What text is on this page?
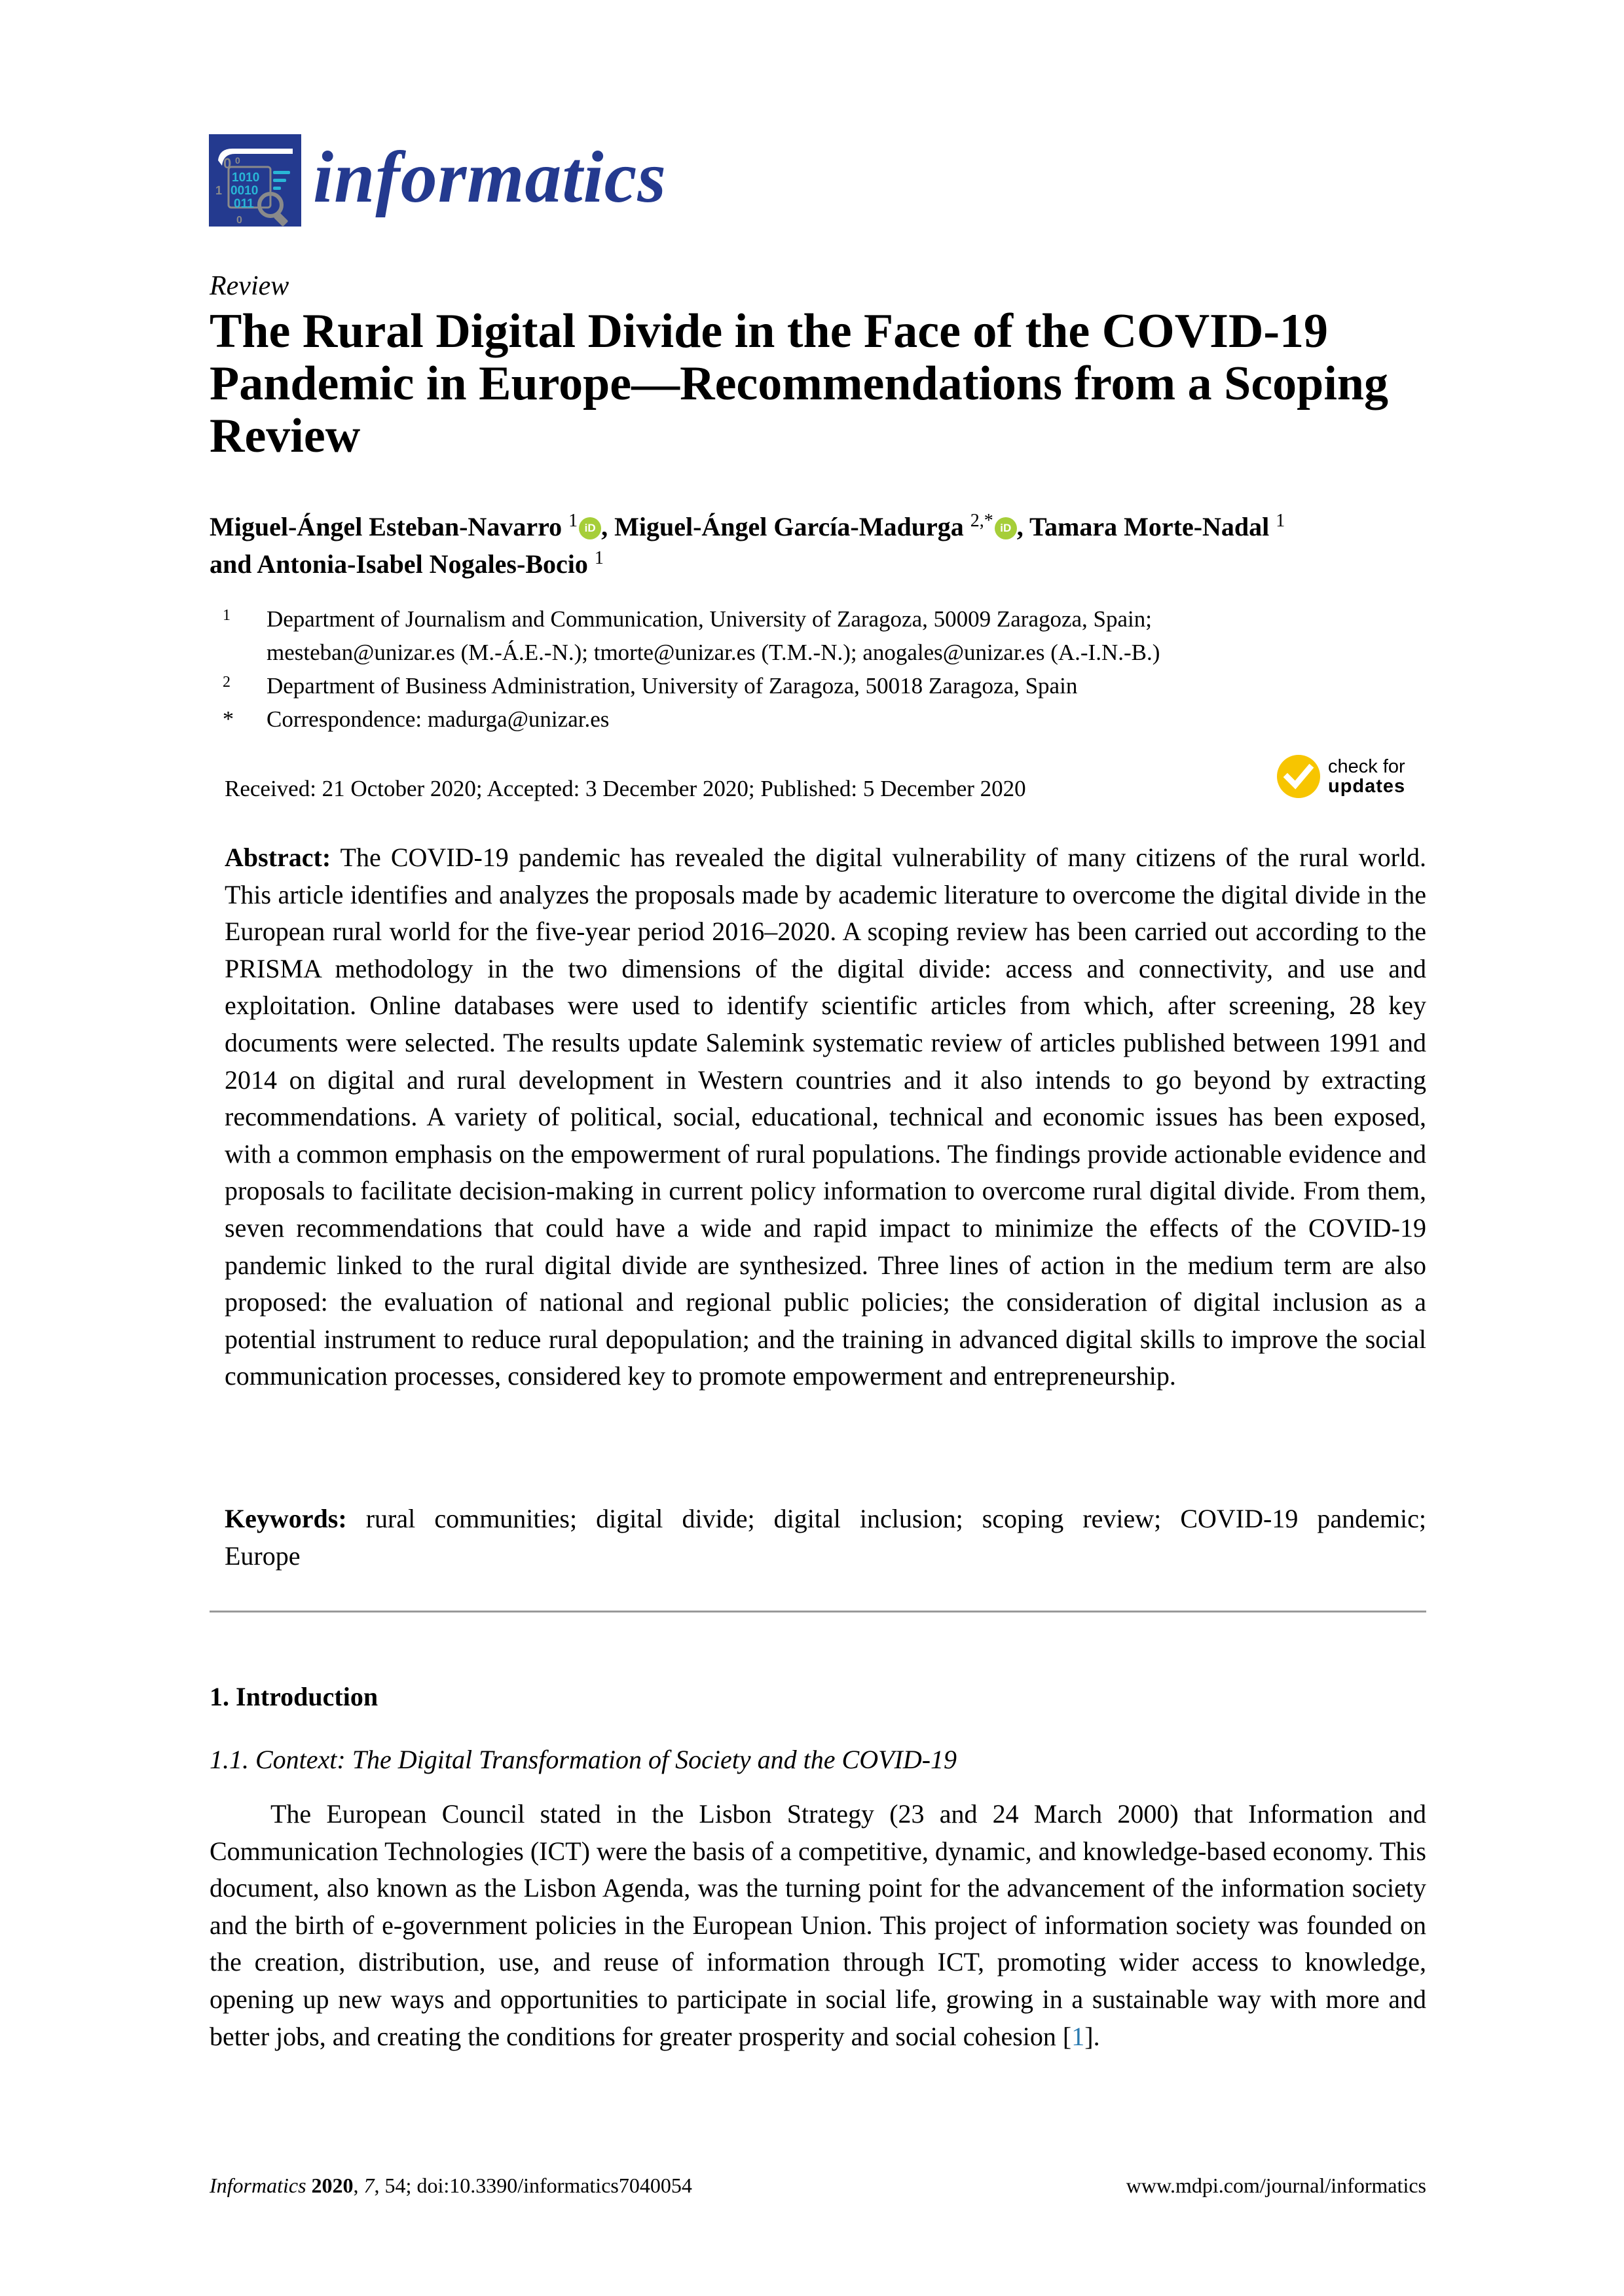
0 0
1010
0010
011
1
0
informatics
Review
The Rural Digital Divide in the Face of the COVID-19 Pandemic in Europe—Recommendations from a Scoping Review
Miguel-Ángel Esteban-Navarro $^1$ iD , Miguel-Ángel García-Madurga $^{2,*}$ iD , Tamara Morte-Nadal $^1$
and Antonia-Isabel Nogales-Bocio $^1$
1	Department of Journalism and Communication, University of Zaragoza, 50009 Zaragoza, Spain;
mesteban@unizar.es (M.-Á.E.-N.); tmorte@unizar.es (T.M.-N.); anogales@unizar.es (A.-I.N.-B.)
2	Department of Business Administration, University of Zaragoza, 50018 Zaragoza, Spain
*	Correspondence: madurga@unizar.es
Received: 21 October 2020; Accepted: 3 December 2020; Published: 5 December 2020
check for
updates
Abstract: The COVID-19 pandemic has revealed the digital vulnerability of many citizens of the rural world. This article identifies and analyzes the proposals made by academic literature to overcome the digital divide in the European rural world for the five-year period 2016–2020. A scoping review has been carried out according to the PRISMA methodology in the two dimensions of the digital divide: access and connectivity, and use and exploitation. Online databases were used to identify scientific articles from which, after screening, 28 key documents were selected. The results update Salemink systematic review of articles published between 1991 and 2014 on digital and rural development in Western countries and it also intends to go beyond by extracting recommendations. A variety of political, social, educational, technical and economic issues has been exposed, with a common emphasis on the empowerment of rural populations. The findings provide actionable evidence and proposals to facilitate decision-making in current policy information to overcome rural digital divide. From them, seven recommendations that could have a wide and rapid impact to minimize the effects of the COVID-19 pandemic linked to the rural digital divide are synthesized. Three lines of action in the medium term are also proposed: the evaluation of national and regional public policies; the consideration of digital inclusion as a potential instrument to reduce rural depopulation; and the training in advanced digital skills to improve the social communication processes, considered key to promote empowerment and entrepreneurship.
Keywords: rural communities; digital divide; digital inclusion; scoping review; COVID-19 pandemic; Europe
1. Introduction
1.1. Context: The Digital Transformation of Society and the COVID-19
The European Council stated in the Lisbon Strategy (23 and 24 March 2000) that Information and Communication Technologies (ICT) were the basis of a competitive, dynamic, and knowledge-based economy. This document, also known as the Lisbon Agenda, was the turning point for the advancement of the information society and the birth of e-government policies in the European Union. This project of information society was founded on the creation, distribution, use, and reuse of information through ICT, promoting wider access to knowledge, opening up new ways and opportunities to participate in social life, growing in a sustainable way with more and better jobs, and creating the conditions for greater prosperity and social cohesion [1].
Informatics 2020, 7, 54; doi:10.3390/informatics7040054	www.mdpi.com/journal/informatics
